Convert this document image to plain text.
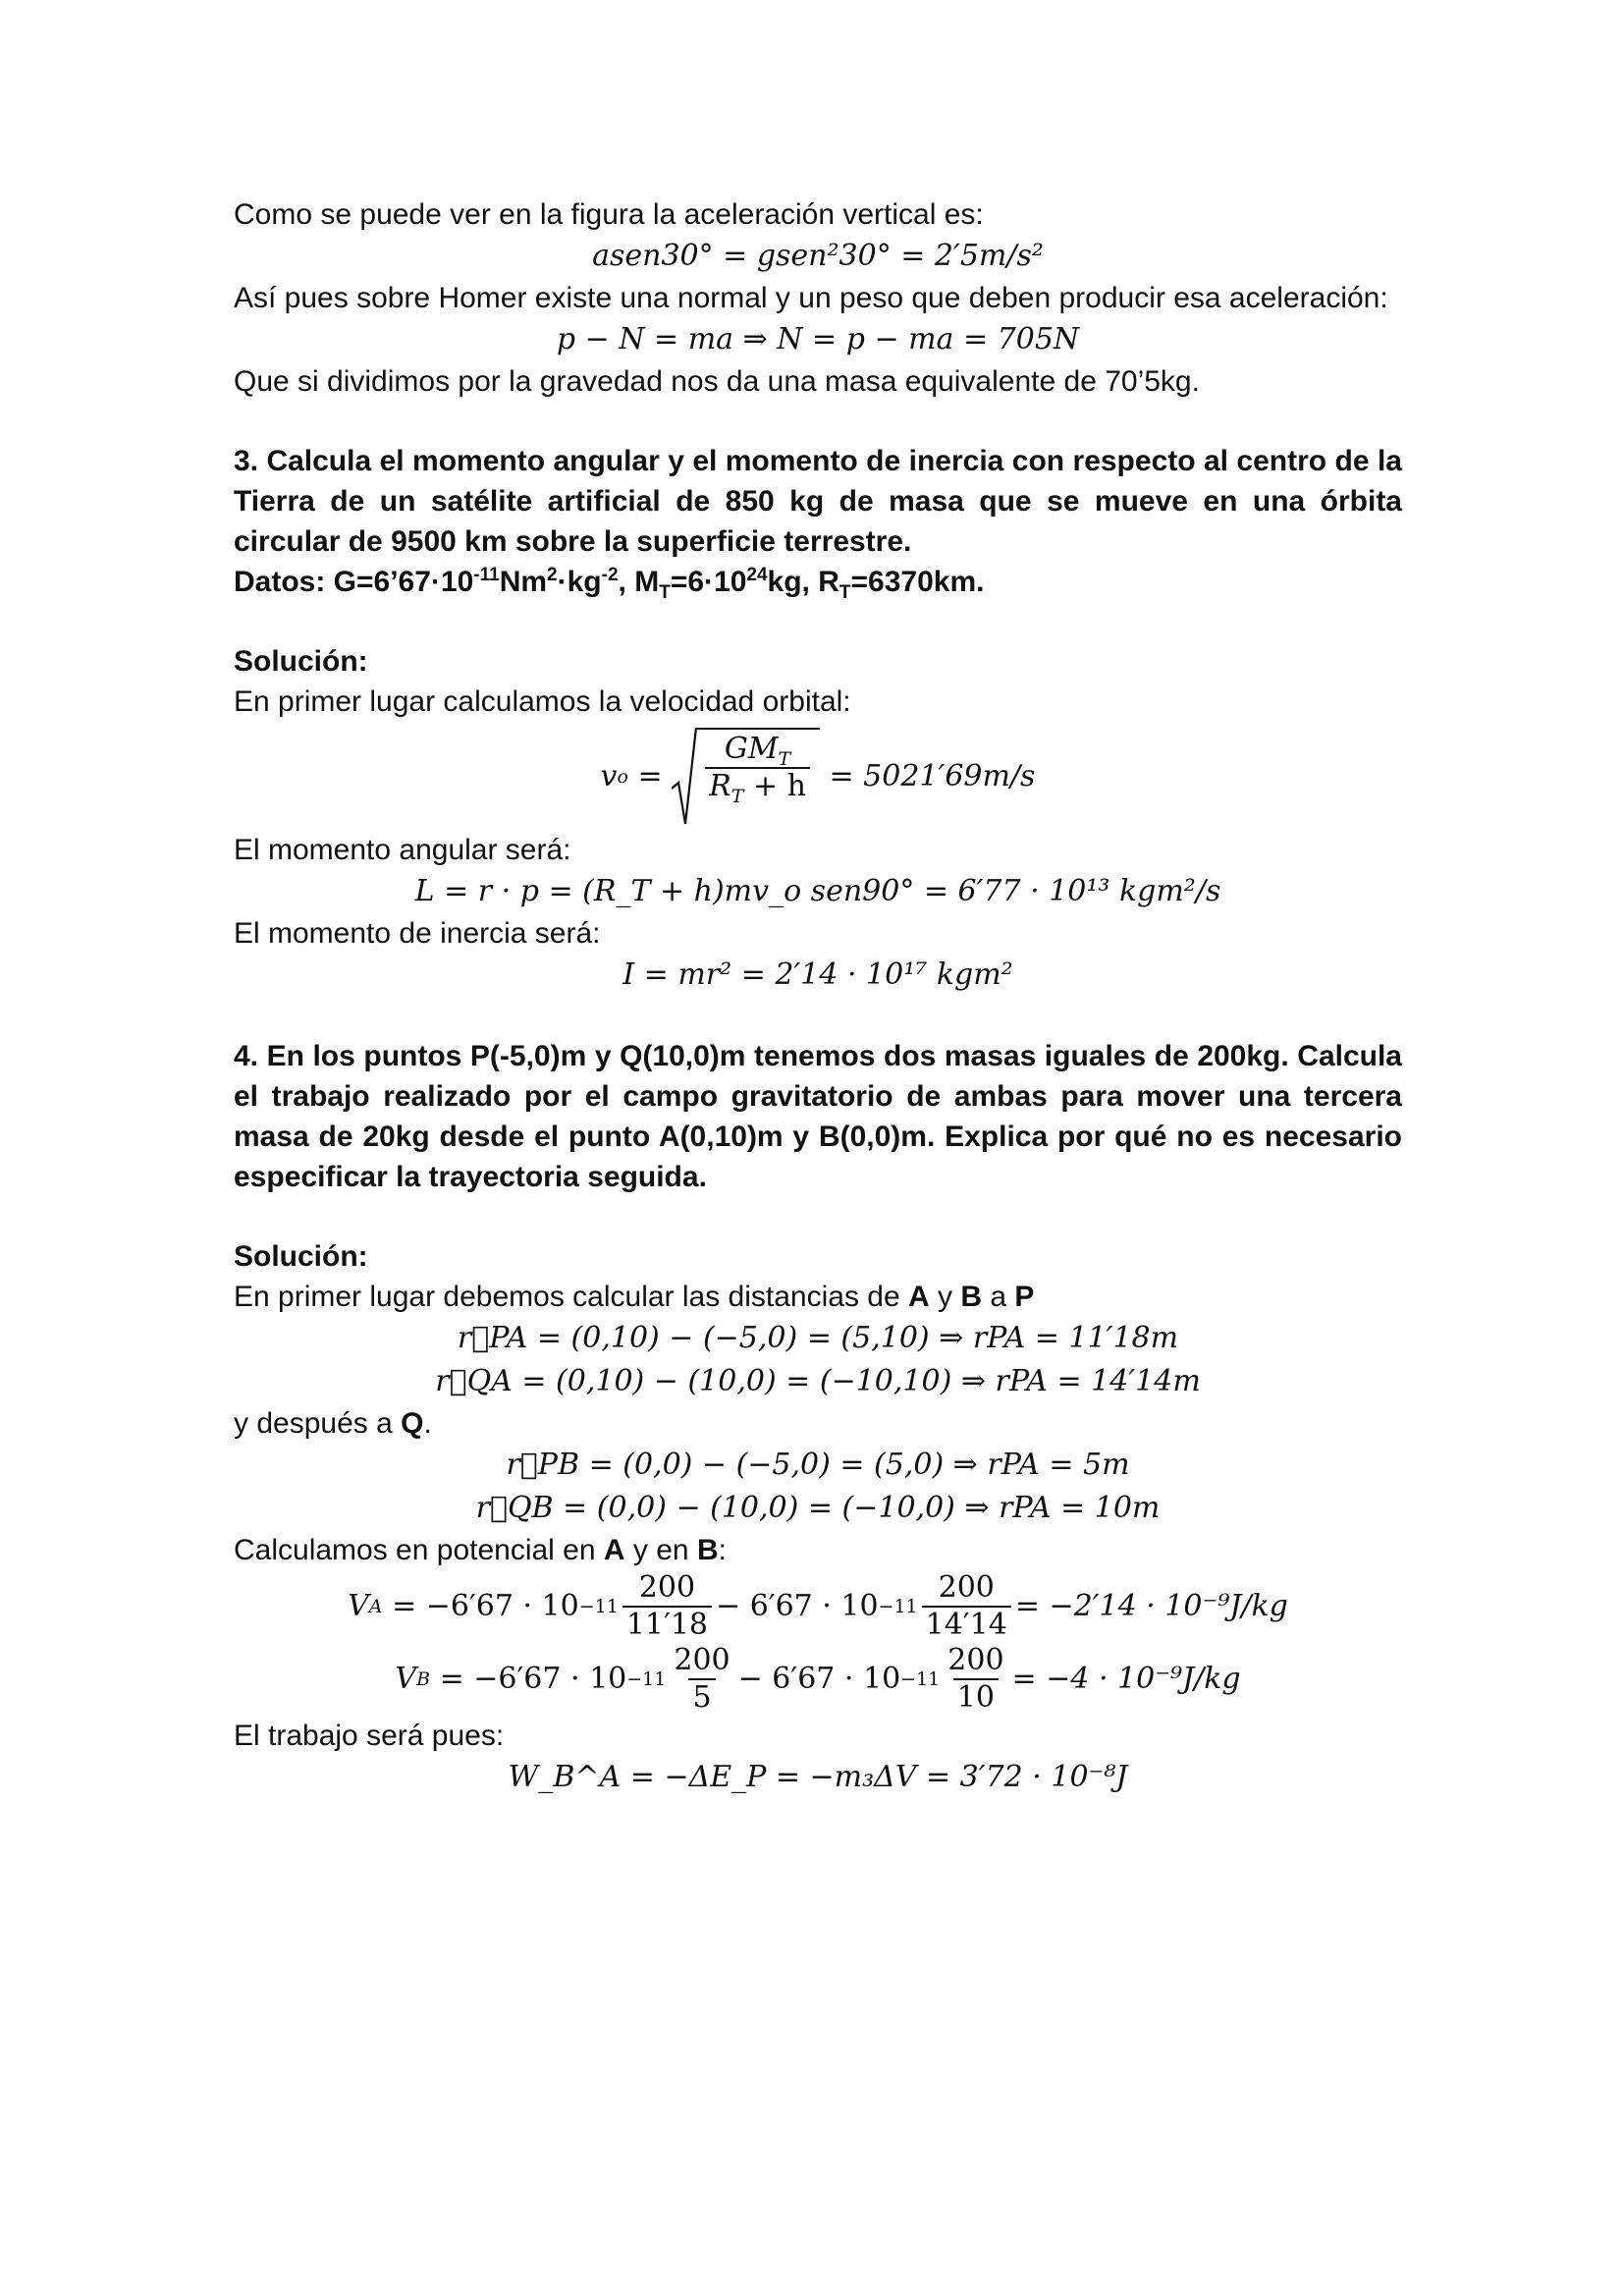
Como se puede ver en la figura la aceleración vertical es:

asen30° = gsen²30° = 2′5m/s²

Así pues sobre Homer existe una normal y un peso que deben producir esa aceleración:

p − N = ma ⇒ N = p − ma = 705N

Que si dividimos por la gravedad nos da una masa equivalente de 70’5kg.

3. Calcula el momento angular y el momento de inercia con respecto al centro de la Tierra de un satélite artificial de 850 kg de masa que se mueve en una órbita circular de 9500 km sobre la superficie terrestre.

Datos: $G=6’67\cdot 10^{-11}Nm^2\cdot kg^{-2}$, $M_T=6\cdot 10^{24}kg$, $R_T=6370km$.

Solución:

En primer lugar calculamos la velocidad orbital:

v $o = \frac{GM_T}{R_T + h}$
= 5021′69m/s

El momento angular será:

L = r · p = (R_T + h)mv_o sen90° = 6′77 · 10¹³ kgm²/s

El momento de inercia será:

I = mr² = 2′14 · 10¹⁷ kgm²

4. En los puntos P(-5,0)m y Q(10,0)m tenemos dos masas iguales de 200kg. Calcula el trabajo realizado por el campo gravitatorio de ambas para mover una tercera masa de 20kg desde el punto A(0,10)m y B(0,0)m. Explica por qué no es necesario especificar la trayectoria seguida.

Solución:

En primer lugar debemos calcular las distancias de A y B a P

r⃗PA = (0,10) − (−5,0) = (5,10) ⇒ rPA = 11′18m

r⃗QA = (0,10) − (10,0) = (−10,10) ⇒ rPA = 14′14m

y después a Q.

r⃗PB = (0,0) − (−5,0) = (5,0) ⇒ rPA = 5m

r⃗QB = (0,0) − (10,0) = (−10,0) ⇒ rPA = 10m

Calculamos en potencial en A y en B:

V A
= $-6'67 \cdot 10 -11 \frac{200}{11'18} - 6'67 \cdot 10 -11 \frac{200}{14'14} = -2'14 \cdot 10^{-9}J/kg$
V B
= $-6'67 \cdot 10 -11 \frac{200}{5} - 6'67 \cdot 10 -11 \frac{200}{10} = -4 \cdot 10^{-9}J/kg$

El trabajo será pues:

W_B^A = −ΔE_P = −m₃ΔV = 3′72 · 10⁻⁸J
